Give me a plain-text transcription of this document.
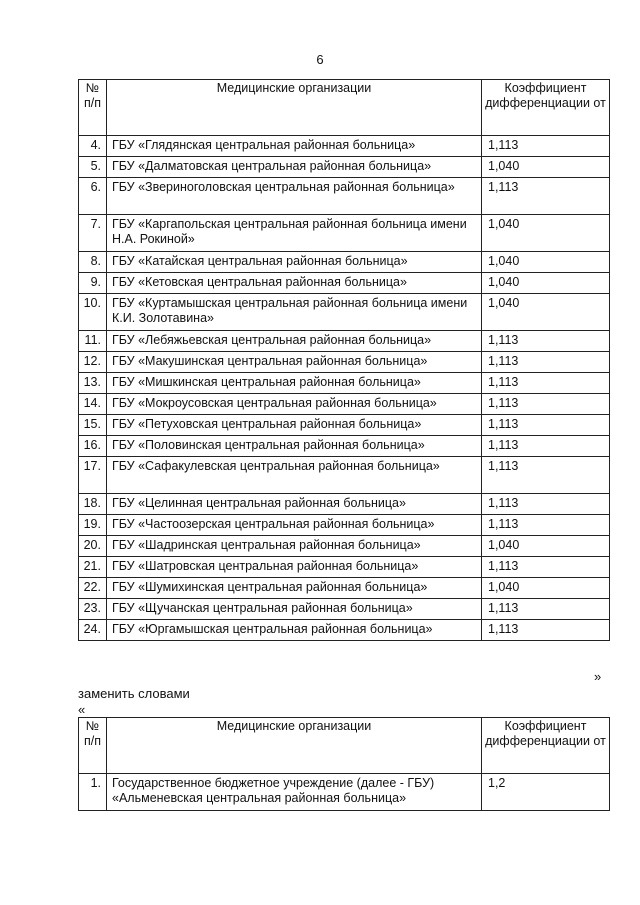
6
№ п/п	Медицинские организации	Коэффициент дифференциации от
4.	ГБУ «Глядянская центральная районная больница»	1,113
5.	ГБУ «Далматовская центральная районная больница»	1,040
6.	ГБУ «Звериноголовская центральная районная больница»	1,113
7.	ГБУ «Каргапольская центральная районная больница имени Н.А. Рокиной»	1,040
8.	ГБУ «Катайская центральная районная больница»	1,040
9.	ГБУ «Кетовская центральная районная больница»	1,040
10.	ГБУ «Куртамышская центральная районная больница имени К.И. Золотавина»	1,040
11.	ГБУ «Лебяжьевская центральная районная больница»	1,113
12.	ГБУ «Макушинская центральная районная больница»	1,113
13.	ГБУ «Мишкинская центральная районная больница»	1,113
14.	ГБУ «Мокроусовская центральная районная больница»	1,113
15.	ГБУ «Петуховская центральная районная больница»	1,113
16.	ГБУ «Половинская центральная районная больница»	1,113
17.	ГБУ «Сафакулевская центральная районная больница»	1,113
18.	ГБУ «Целинная центральная районная больница»	1,113
19.	ГБУ «Частоозерская центральная районная больница»	1,113
20.	ГБУ «Шадринская центральная районная больница»	1,040
21.	ГБУ «Шатровская центральная районная больница»	1,113
22.	ГБУ «Шумихинская центральная районная больница»	1,040
23.	ГБУ «Щучанская центральная районная больница»	1,113
24.	ГБУ «Юргамышская центральная районная больница»	1,113
»
заменить словами
«
№ п/п	Медицинские организации	Коэффициент дифференциации от
1.	Государственное бюджетное учреждение (далее - ГБУ) «Альменевская центральная районная больница»	1,2
